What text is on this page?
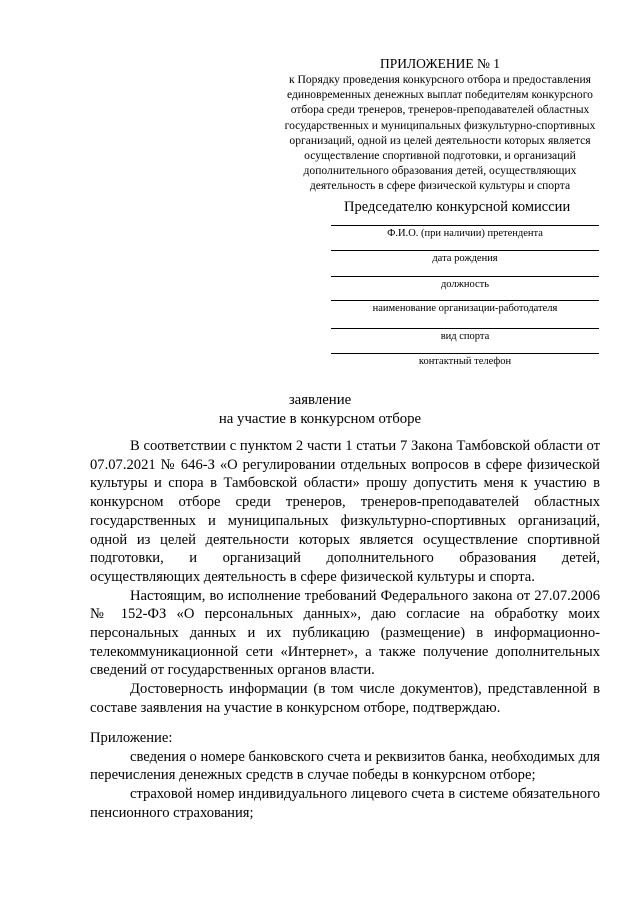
ПРИЛОЖЕНИЕ № 1
к Порядку проведения конкурсного отбора и предоставления
единовременных денежных выплат победителям конкурсного
отбора среди тренеров, тренеров-преподавателей областных
государственных и муниципальных физкультурно-спортивных
организаций, одной из целей деятельности которых является
осуществление спортивной подготовки, и организаций
дополнительного образования детей, осуществляющих
деятельность в сфере физической культуры и спорта
Председателю конкурсной комиссии
Ф.И.О. (при наличии) претендента
дата рождения
должность
наименование организации-работодателя
вид спорта
контактный телефон
заявление
на участие в конкурсном отборе

В соответствии с пунктом 2 части 1 статьи 7 Закона Тамбовской области от 07.07.2021 № 646-З «О регулировании отдельных вопросов в сфере физической культуры и спора в Тамбовской области» прошу допустить меня к участию в конкурсном отборе среди тренеров, тренеров-преподавателей областных государственных и муниципальных физкультурно-спортивных организаций, одной из целей деятельности которых является осуществление спортивной подготовки, и организаций дополнительного образования детей, осуществляющих деятельность в сфере физической культуры и спорта.

Настоящим, во исполнение требований Федерального закона от 27.07.2006 № 152-ФЗ «О персональных данных», даю согласие на обработку моих персональных данных и их публикацию (размещение) в информационно-телекоммуникационной сети «Интернет», а также получение дополнительных сведений от государственных органов власти.

Достоверность информации (в том числе документов), представленной в составе заявления на участие в конкурсном отборе, подтверждаю.

Приложение:

сведения о номере банковского счета и реквизитов банка, необходимых для перечисления денежных средств в случае победы в конкурсном отборе;

страховой номер индивидуального лицевого счета в системе обязательного пенсионного страхования;
